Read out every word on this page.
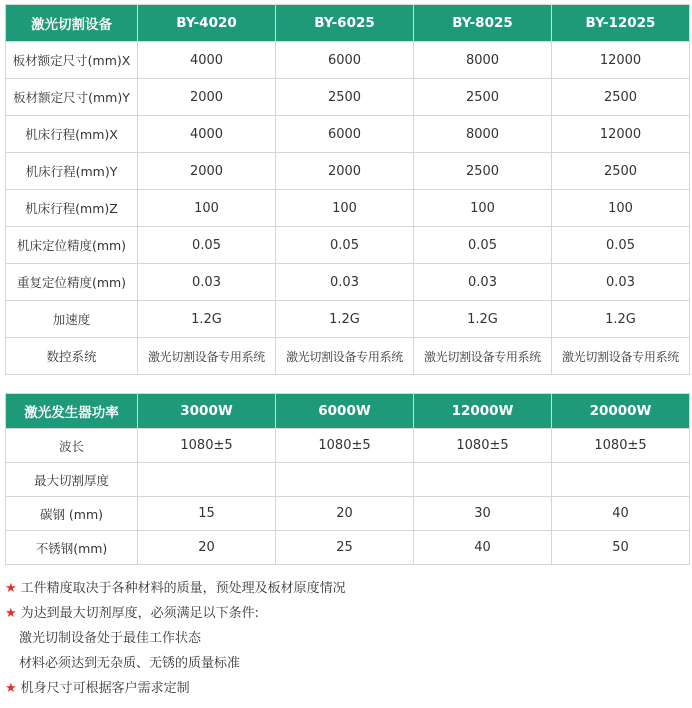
激光切割设备	BY-4020	BY-6025	BY-8025	BY-12025
板材额定尺寸(mm)X	4000	6000	8000	12000
板材额定尺寸(mm)Y	2000	2500	2500	2500
机床行程(mm)X	4000	6000	8000	12000
机床行程(mm)Y	2000	2000	2500	2500
机床行程(mm)Z	100	100	100	100
机床定位精度(mm)	0.05	0.05	0.05	0.05
重复定位精度(mm)	0.03	0.03	0.03	0.03
加速度	1.2G	1.2G	1.2G	1.2G
数控系统	激光切割设备专用系统	激光切割设备专用系统	激光切割设备专用系统	激光切割设备专用系统
激光发生器功率	3000W	6000W	12000W	20000W
波长	1080±5	1080±5	1080±5	1080±5
最大切割厚度				
碳钢 (mm)	15	20	30	40
不锈钢(mm)	20	25	40	50
★ 工件精度取决于各种材料的质量，预处理及板材原度情况
★ 为达到最大切剂厚度，必须满足以下条件:
激光切制设备处于最佳工作状态
材料必须达到无杂质、无锈的质量标准
★ 机身尺寸可根据客户需求定制
